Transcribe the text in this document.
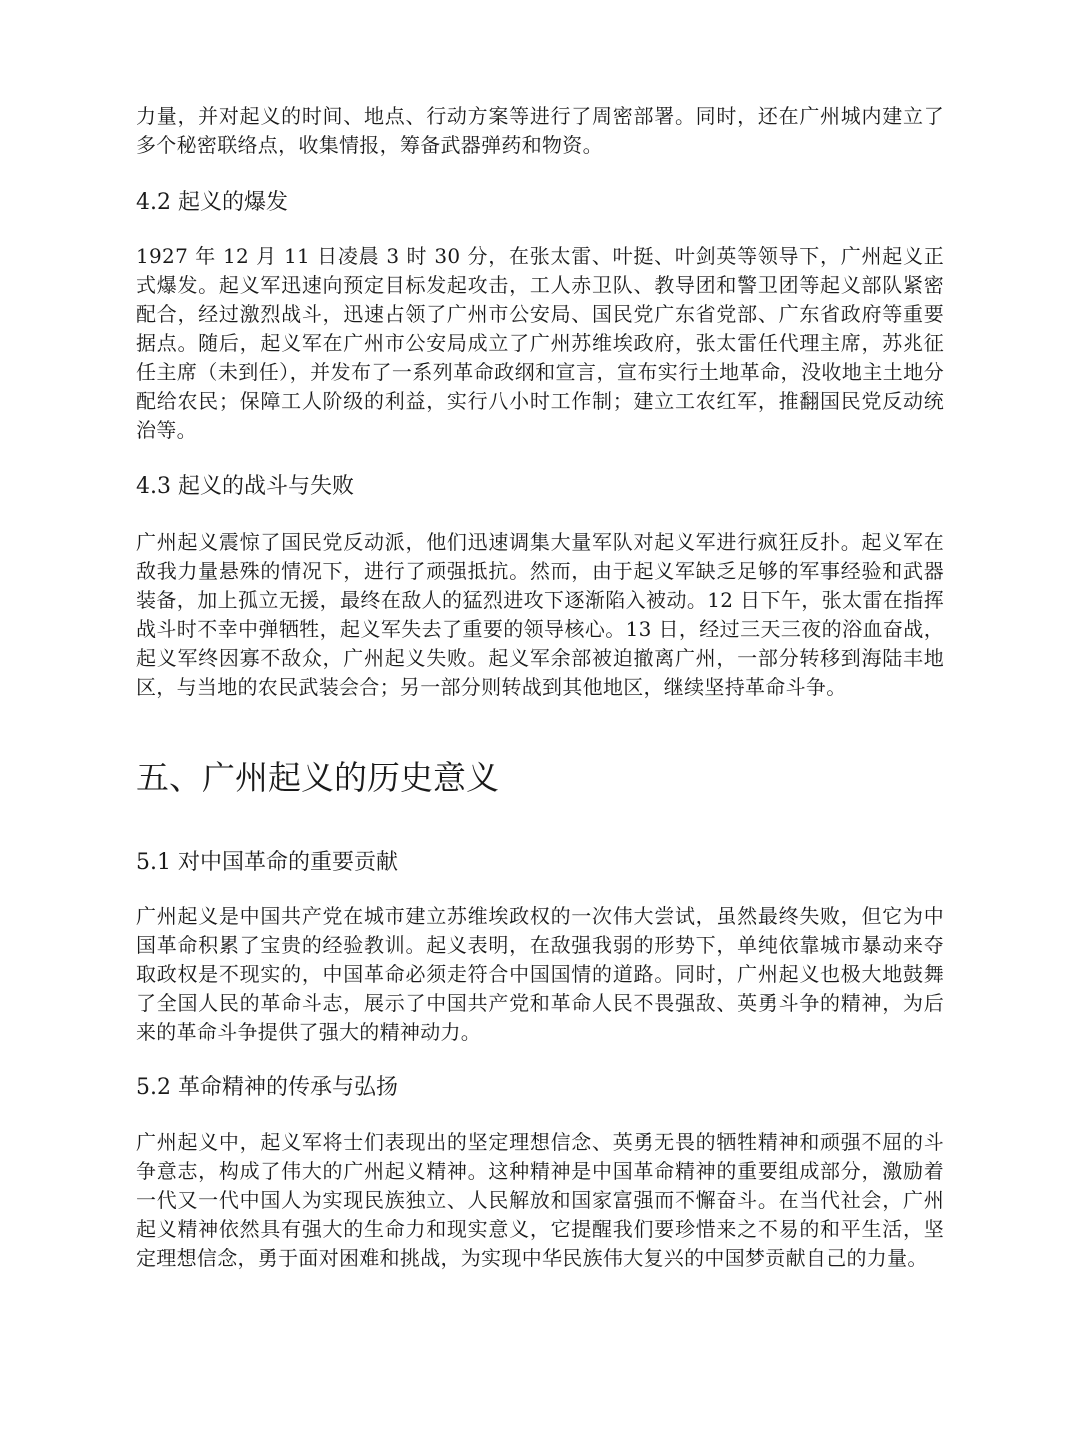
力量，并对起义的时间、地点、行动方案等进行了周密部署。同时，还在广州城内建立了多个秘密联络点，收集情报，筹备武器弹药和物资。

4.2 起义的爆发

1927 年 12 月 11 日凌晨 3 时 30 分，在张太雷、叶挺、叶剑英等领导下，广州起义正式爆发。起义军迅速向预定目标发起攻击，工人赤卫队、教导团和警卫团等起义部队紧密配合，经过激烈战斗，迅速占领了广州市公安局、国民党广东省党部、广东省政府等重要据点。随后，起义军在广州市公安局成立了广州苏维埃政府，张太雷任代理主席，苏兆征任主席（未到任），并发布了一系列革命政纲和宣言，宣布实行土地革命，没收地主土地分配给农民；保障工人阶级的利益，实行八小时工作制；建立工农红军，推翻国民党反动统治等。

4.3 起义的战斗与失败

广州起义震惊了国民党反动派，他们迅速调集大量军队对起义军进行疯狂反扑。起义军在敌我力量悬殊的情况下，进行了顽强抵抗。然而，由于起义军缺乏足够的军事经验和武器装备，加上孤立无援，最终在敌人的猛烈进攻下逐渐陷入被动。12 日下午，张太雷在指挥战斗时不幸中弹牺牲，起义军失去了重要的领导核心。13 日，经过三天三夜的浴血奋战，起义军终因寡不敌众，广州起义失败。起义军余部被迫撤离广州，一部分转移到海陆丰地区，与当地的农民武装会合；另一部分则转战到其他地区，继续坚持革命斗争。

五、广州起义的历史意义
5.1 对中国革命的重要贡献

广州起义是中国共产党在城市建立苏维埃政权的一次伟大尝试，虽然最终失败，但它为中国革命积累了宝贵的经验教训。起义表明，在敌强我弱的形势下，单纯依靠城市暴动来夺取政权是不现实的，中国革命必须走符合中国国情的道路。同时，广州起义也极大地鼓舞了全国人民的革命斗志，展示了中国共产党和革命人民不畏强敌、英勇斗争的精神，为后来的革命斗争提供了强大的精神动力。

5.2 革命精神的传承与弘扬

广州起义中，起义军将士们表现出的坚定理想信念、英勇无畏的牺牲精神和顽强不屈的斗争意志，构成了伟大的广州起义精神。这种精神是中国革命精神的重要组成部分，激励着一代又一代中国人为实现民族独立、人民解放和国家富强而不懈奋斗。在当代社会，广州起义精神依然具有强大的生命力和现实意义，它提醒我们要珍惜来之不易的和平生活，坚定理想信念，勇于面对困难和挑战，为实现中华民族伟大复兴的中国梦贡献自己的力量。
